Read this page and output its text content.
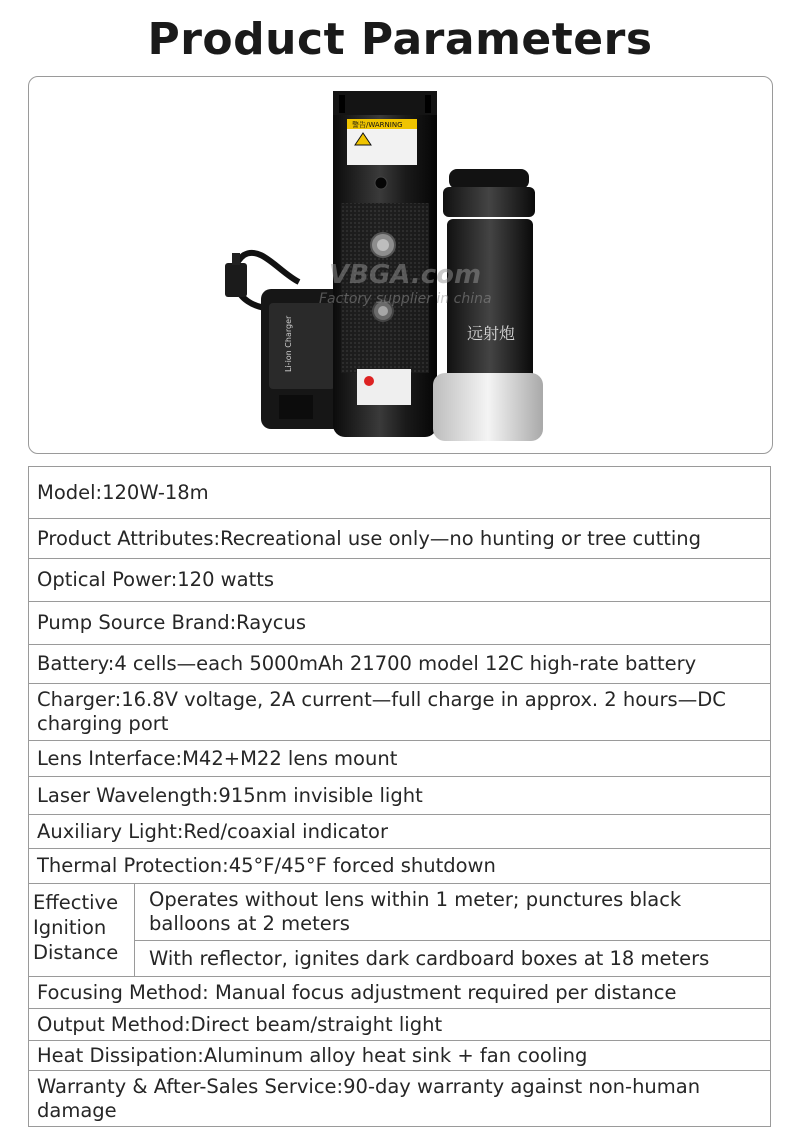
Product Parameters
Li-ion Charger
警告/WARNING
远射炮
VBGA.com
Factory supplier in china
Model:120W-18m
Product Attributes:Recreational use only—no hunting or tree cutting
Optical Power:120 watts
Pump Source Brand:Raycus
Battery:4 cells—each 5000mAh 21700 model 12C high-rate battery
Charger:16.8V voltage, 2A current—full charge in approx. 2 hours—DC charging port
Lens Interface:M42+M22 lens mount
Laser Wavelength:915nm invisible light
Auxiliary Light:Red/coaxial indicator
Thermal Protection:45°F/45°F forced shutdown
Effective Ignition Distance
Operates without lens within 1 meter; punctures black balloons at 2 meters
With reflector, ignites dark cardboard boxes at 18 meters
Focusing Method: Manual focus adjustment required per distance
Output Method:Direct beam/straight light
Heat Dissipation:Aluminum alloy heat sink + fan cooling
Warranty & After-Sales Service:90-day warranty against non-human damage
